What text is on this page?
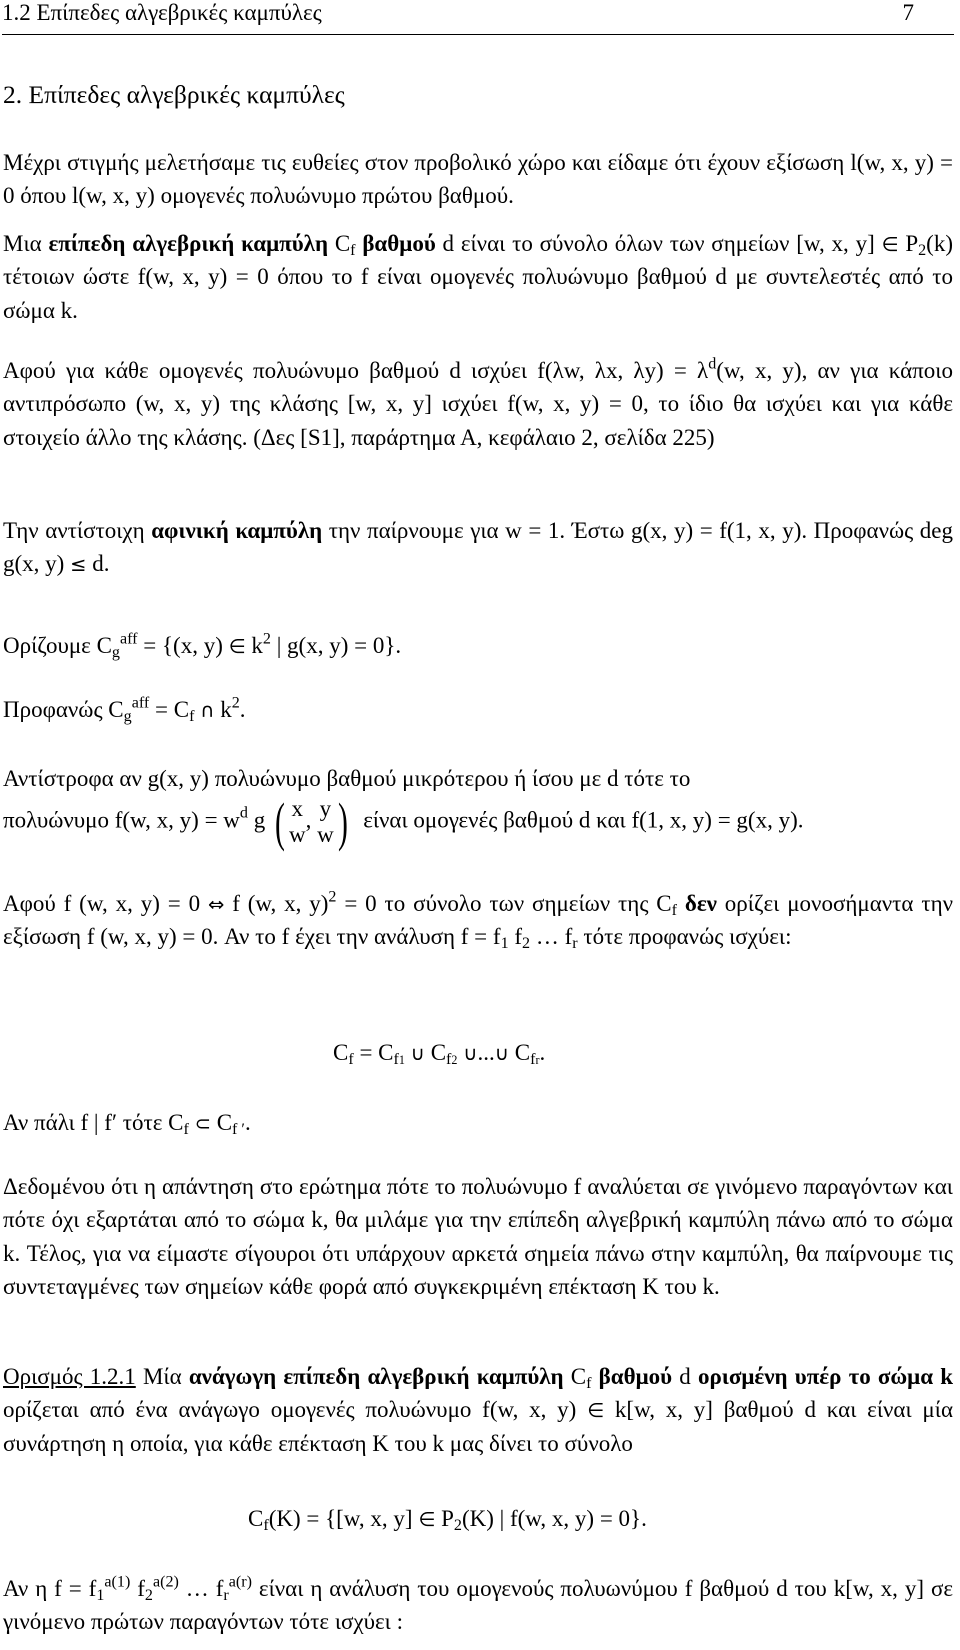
1.2 Επίπεδες αλγεβρικές καμπύλες	7
2. Επίπεδες αλγεβρικές καμπύλες

Μέχρι στιγμής μελετήσαμε τις ευθείες στον προβολικό χώρο και είδαμε ότι έχουν εξίσωση l(w, x, y) = 0 όπου l(w, x, y) ομογενές πολυώνυμο πρώτου βαθμού.

Μια επίπεδη αλγεβρική καμπύλη $C_f$ βαθμού d είναι το σύνολο όλων των σημείων [w, x, y] ∈ $P_2(k)$ τέτοιων ώστε f(w, x, y) = 0 όπου το f είναι ομογενές πολυώνυμο βαθμού d με συντελεστές από το σώμα k.

Αφού για κάθε ομογενές πολυώνυμο βαθμού d ισχύει f(λw, λx, $\lambda y) = \lambda^d(w$, x, y), αν για κάποιο αντιπρόσωπο (w, x, y) της κλάσης [w, x, y] ισχύει f(w, x, y) = 0, το ίδιο θα ισχύει και για κάθε στοιχείο άλλο της κλάσης. (Δες [S1], παράρτημα Α, κεφάλαιο 2, σελίδα 225)

Την αντίστοιχη αφινική καμπύλη την παίρνουμε για w = 1. Έστω g(x, y) = f(1, x, y). Προφανώς deg g(x, y) ≤ d.

Ορίζουμε $C_g^{aff} = \{(x$, y) ∈ $k^2$ | g(x, y) = 0}.

Προφανώς $C_g^{aff} = C_f$ ∩ $k^2$.

Αντίστροφα αν g(x, y) πολυώνυμο βαθμού μικρότερου ή ίσου με d τότε το

πολυώνυμο f(w, x, $y) = w^d$ g ( x
w
, y
w ) είναι ομογενές βαθμού d και f(1, x, y) = g(x, y).

Αφού f (w, x, y) = 0 ⇔ f (w, x, y)$^2$ = 0 το σύνολο των σημείων της $C_f$ δεν ορίζει μονοσήμαντα την εξίσωση f (w, x, y) = 0. Αν το f έχει την ανάλυση $f = f_1$ $f_2$ … $f_r$ τότε προφανώς ισχύει:

$C_f = C_{f1}$ ∪ $C_{f2}$ ∪...∪ $C_{fr}$.

Αν πάλι f | f′ τότε $C_f$ ⊂ $C_{f '}$.

Δεδομένου ότι η απάντηση στο ερώτημα πότε το πολυώνυμο f αναλύεται σε γινόμενο παραγόντων και πότε όχι εξαρτάται από το σώμα k, θα μιλάμε για την επίπεδη αλγεβρική καμπύλη πάνω από το σώμα k. Τέλος, για να είμαστε σίγουροι ότι υπάρχουν αρκετά σημεία πάνω στην καμπύλη, θα παίρνουμε τις συντεταγμένες των σημείων κάθε φορά από συγκεκριμένη επέκταση Κ του k.

Ορισμός 1.2.1 Μία ανάγωγη επίπεδη αλγεβρική καμπύλη $C_f$ βαθμού d ορισμένη υπέρ το σώμα k ορίζεται από ένα ανάγωγο ομογενές πολυώνυμο f(w, x, y) ∈ k[w, x, y] βαθμού d και είναι μία συνάρτηση η οποία, για κάθε επέκταση Κ του k μας δίνει το σύνολο

$C_f(K) = \{[w$, x, y] ∈ $P_2(K)$ | f(w, x, y) = 0}.

Αν η $f = f_1^{a(1)}$ $f_2^{a(2)}$ … $f_r^{a(r)}$ είναι η ανάλυση του ομογενούς πολυωνύμου f βαθμού d του k[w, x, y] σε γινόμενο πρώτων παραγόντων τότε ισχύει :
